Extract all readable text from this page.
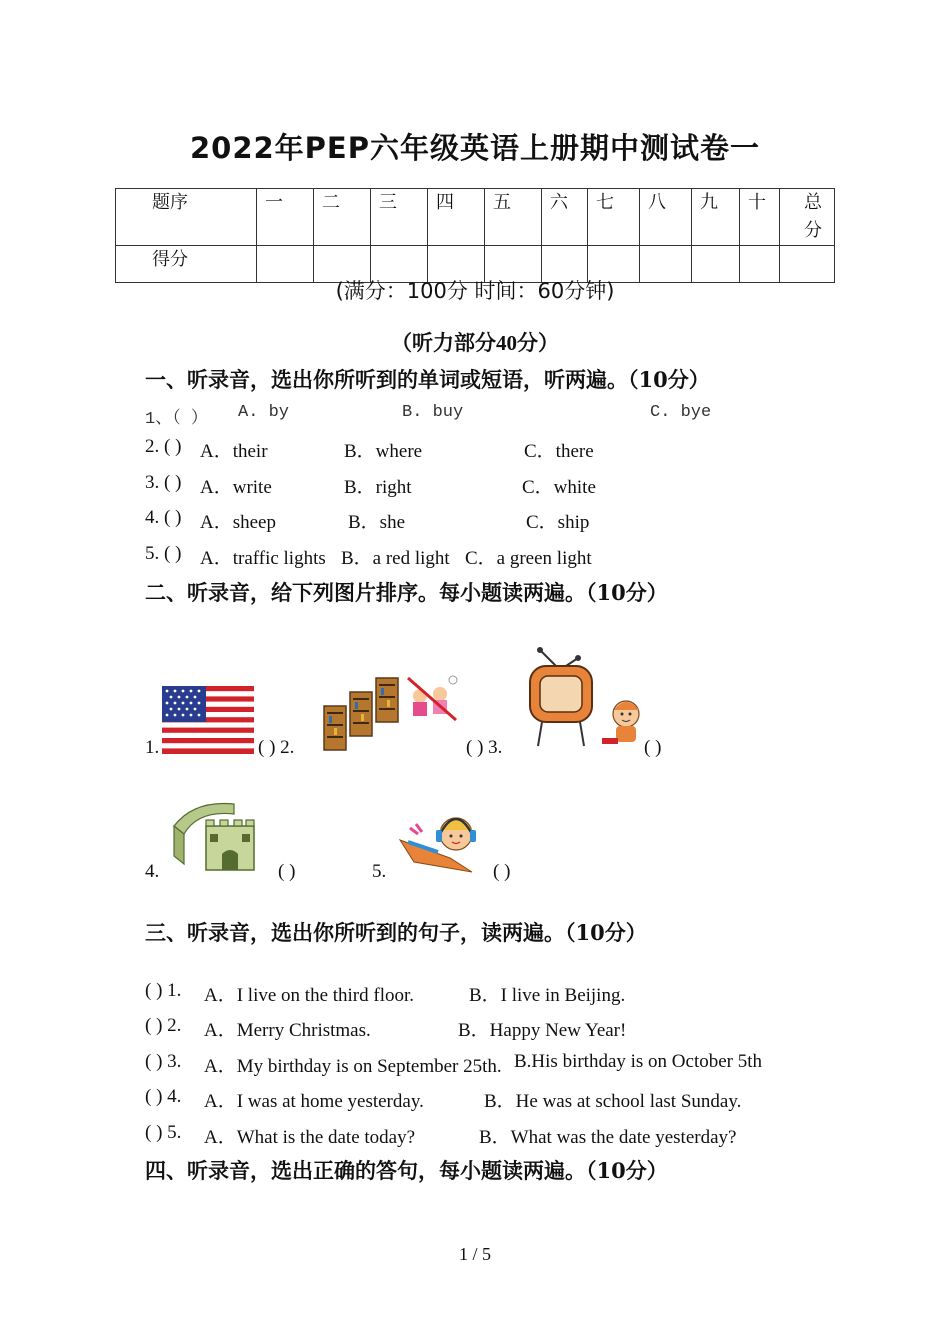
2022年PEP六年级英语上册期中测试卷一
题序	一	二	三	四	五	六	七	八	九	十	总分
得分											
(满分：100分 时间：60分钟)
（听力部分40分）
一、听录音，选出你所听到的单词或短语，听两遍。（10分）
1、（ ） A. by	B. buy	C. bye
2. ( ) A．their	B．where	C．there
3. ( ) A．write	B．right	C．white
4. ( ) A．sheep	B．she	C．ship
5. ( ) A．traffic lights B．a red light C．a green light
二、听录音，给下列图片排序。每小题读两遍。（10分）
1.	( ) 2.	( ) 3.	( )
4.	( )	5.	( )
三、听录音，选出你所听到的句子，读两遍。（10分）
( ) 1. A．I live on the third floor.	B．I live in Beijing.
( ) 2. A．Merry Christmas.	B．Happy New Year!
( ) 3. A．My birthday is on September 25th. B.His birthday is on October 5th
( ) 4. A．I was at home yesterday.	B．He was at school last Sunday.
( ) 5. A．What is the date today?	B．What was the date yesterday?
四、听录音，选出正确的答句，每小题读两遍。（10分）
1 / 5
